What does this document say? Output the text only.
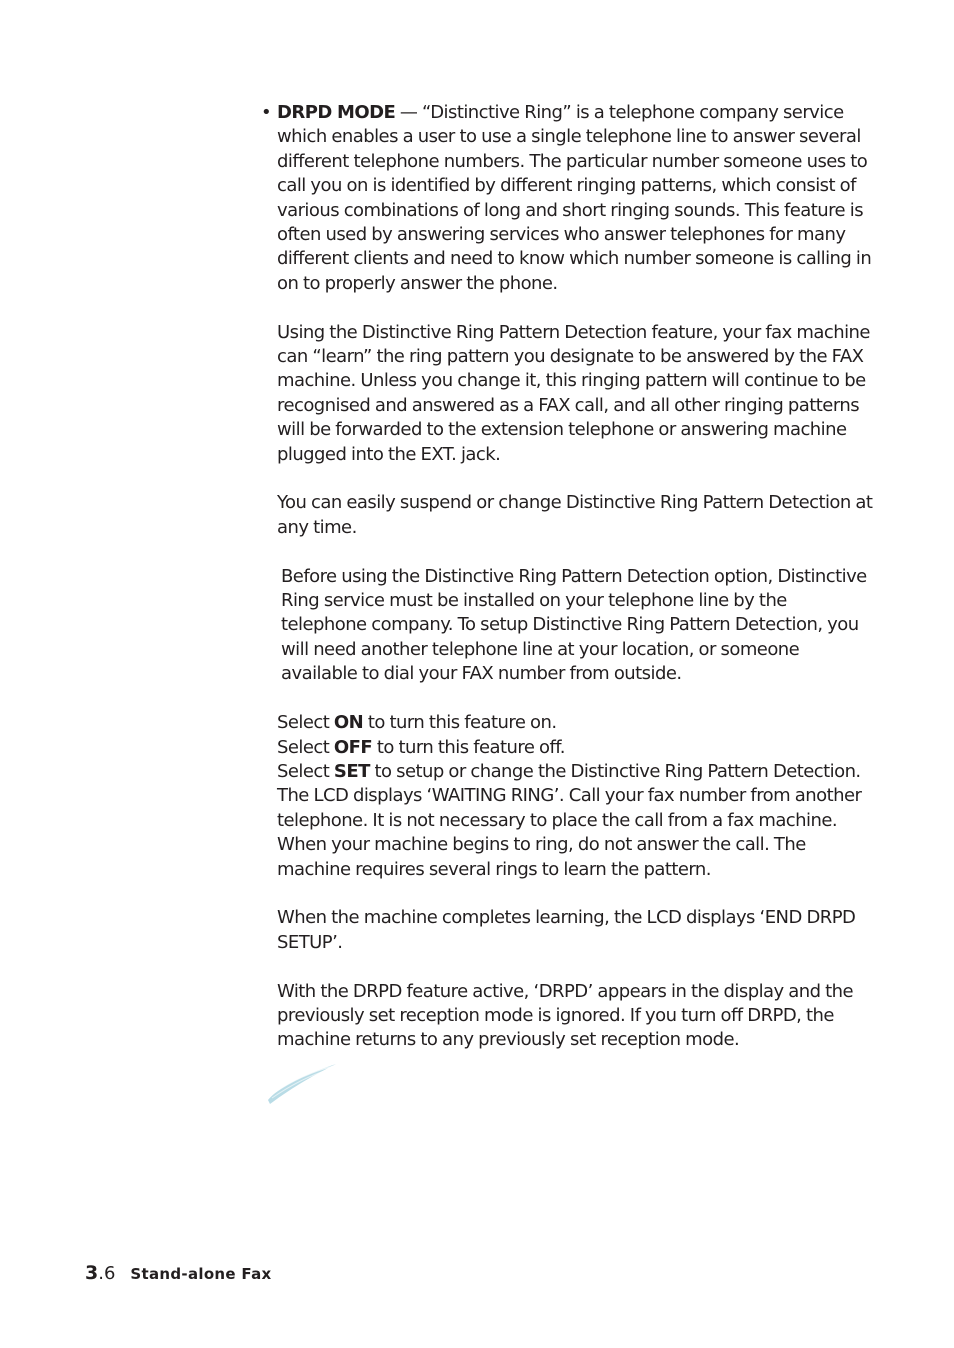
• DRPD MODE — “Distinctive Ring” is a telephone company service which enables a user to use a single telephone line to answer several different telephone numbers. The particular number someone uses to call you on is identified by different ringing patterns, which consist of various combinations of long and short ringing sounds. This feature is often used by answering services who answer telephones for many different clients and need to know which number someone is calling in on to properly answer the phone.

Using the Distinctive Ring Pattern Detection feature, your fax machine can “learn” the ring pattern you designate to be answered by the FAX machine. Unless you change it, this ringing pattern will continue to be recognised and answered as a FAX call, and all other ringing patterns will be forwarded to the extension telephone or answering machine plugged into the EXT. jack.

You can easily suspend or change Distinctive Ring Pattern Detection at any time.

Before using the Distinctive Ring Pattern Detection option, Distinctive Ring service must be installed on your telephone line by the telephone company. To setup Distinctive Ring Pattern Detection, you will need another telephone line at your location, or someone available to dial your FAX number from outside.

Select ON to turn this feature on.
Select OFF to turn this feature off.
Select SET to setup or change the Distinctive Ring Pattern Detection. The LCD displays ‘WAITING RING’. Call your fax number from another telephone. It is not necessary to place the call from a fax machine. When your machine begins to ring, do not answer the call. The machine requires several rings to learn the pattern.

When the machine completes learning, the LCD displays ‘END DRPD SETUP’.

With the DRPD feature active, ‘DRPD’ appears in the display and the previously set reception mode is ignored. If you turn off DRPD, the machine returns to any previously set reception mode.

3.6 Stand-alone Fax
